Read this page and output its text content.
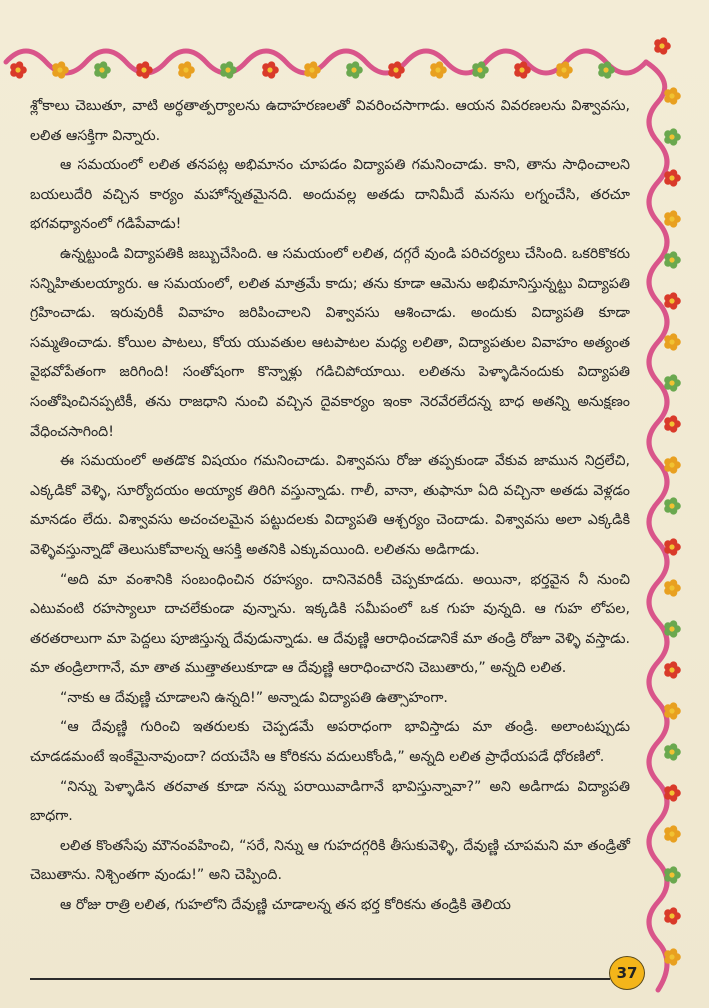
శ్లోకాలు చెబుతూ, వాటి అర్థతాత్పర్యాలను ఉదాహరణలతో వివరించసాగాడు. ఆయన వివరణలను విశ్వావసు, లలిత ఆసక్తిగా విన్నారు.

ఆ సమయంలో లలిత తనపట్ల అభిమానం చూపడం విద్యాపతి గమనించాడు. కాని, తాను సాధించాలని బయలుదేరి వచ్చిన కార్యం మహోన్నతమైనది. అందువల్ల అతడు దానిమీదే మనసు లగ్నంచేసి, తరచూ భగవధ్యానంలో గడిపేవాడు!

ఉన్నట్టుండి విద్యాపతికి జబ్బుచేసింది. ఆ సమయంలో లలిత, దగ్గరే వుండి పరిచర్యలు చేసింది. ఒకరికొకరు సన్నిహితులయ్యారు. ఆ సమయంలో, లలిత మాత్రమే కాదు; తను కూడా ఆమెను అభిమానిస్తున్నట్టు విద్యాపతి గ్రహించాడు. ఇరువురికీ వివాహం జరిపించాలని విశ్వావసు ఆశించాడు. అందుకు విద్యాపతి కూడా సమ్మతించాడు. కోయిల పాటలు, కోయ యువతుల ఆటపాటల మధ్య లలితా, విద్యాపతుల వివాహం అత్యంత వైభవోపేతంగా జరిగింది! సంతోషంగా కొన్నాళ్లు గడిచిపోయాయి. లలితను పెళ్ళాడినందుకు విద్యాపతి సంతోషించినప్పటికీ, తను రాజధాని నుంచి వచ్చిన దైవకార్యం ఇంకా నెరవేరలేదన్న బాధ అతన్ని అనుక్షణం వేధించసాగింది!

ఈ సమయంలో అతడొక విషయం గమనించాడు. విశ్వావసు రోజు తప్పకుండా వేకువ జామున నిద్రలేచి, ఎక్కడికో వెళ్ళి, సూర్యోదయం అయ్యాక తిరిగి వస్తున్నాడు. గాలీ, వానా, తుఫానూ ఏది వచ్చినా అతడు వెళ్లడం మానడం లేదు. విశ్వావసు అచంచలమైన పట్టుదలకు విద్యాపతి ఆశ్చర్యం చెందాడు. విశ్వావసు అలా ఎక్కడికి వెళ్ళివస్తున్నాడో తెలుసుకోవాలన్న ఆసక్తి అతనికి ఎక్కువయింది. లలితను అడిగాడు.

“అది మా వంశానికి సంబంధించిన రహస్యం. దానినెవరికీ చెప్పకూడదు. అయినా, భర్తవైన నీ నుంచి ఎటువంటి రహస్యాలూ దాచలేకుండా వున్నాను. ఇక్కడికి సమీపంలో ఒక గుహ వున్నది. ఆ గుహ లోపల, తరతరాలుగా మా పెద్దలు పూజిస్తున్న దేవుడున్నాడు. ఆ దేవుణ్ణి ఆరాధించడానికే మా తండ్రి రోజూ వెళ్ళి వస్తాడు. మా తండ్రిలాగానే, మా తాత ముత్తాతలుకూడా ఆ దేవుణ్ణి ఆరాధించారని చెబుతారు,” అన్నది లలిత.

“నాకు ఆ దేవుణ్ణి చూడాలని ఉన్నది!” అన్నాడు విద్యాపతి ఉత్సాహంగా.

“ఆ దేవుణ్ణి గురించి ఇతరులకు చెప్పడమే అపరాధంగా భావిస్తాడు మా తండ్రి. అలాంటప్పుడు చూడడమంటే ఇంకేమైనావుందా? దయచేసి ఆ కోరికను వదులుకోండి,” అన్నది లలిత ప్రాధేయపడే ధోరణిలో.

“నిన్ను పెళ్ళాడిన తరవాత కూడా నన్ను పరాయివాడిగానే భావిస్తున్నావా?” అని అడిగాడు విద్యాపతి బాధగా.

లలిత కొంతసేపు మౌనంవహించి, “సరే, నిన్ను ఆ గుహదగ్గరికి తీసుకువెళ్ళి, దేవుణ్ణి చూపమని మా తండ్రితో చెబుతాను. నిశ్చింతగా వుండు!” అని చెప్పింది.

ఆ రోజు రాత్రి లలిత, గుహలోని దేవుణ్ణి చూడాలన్న తన భర్త కోరికను తండ్రికి తెలియ

37
